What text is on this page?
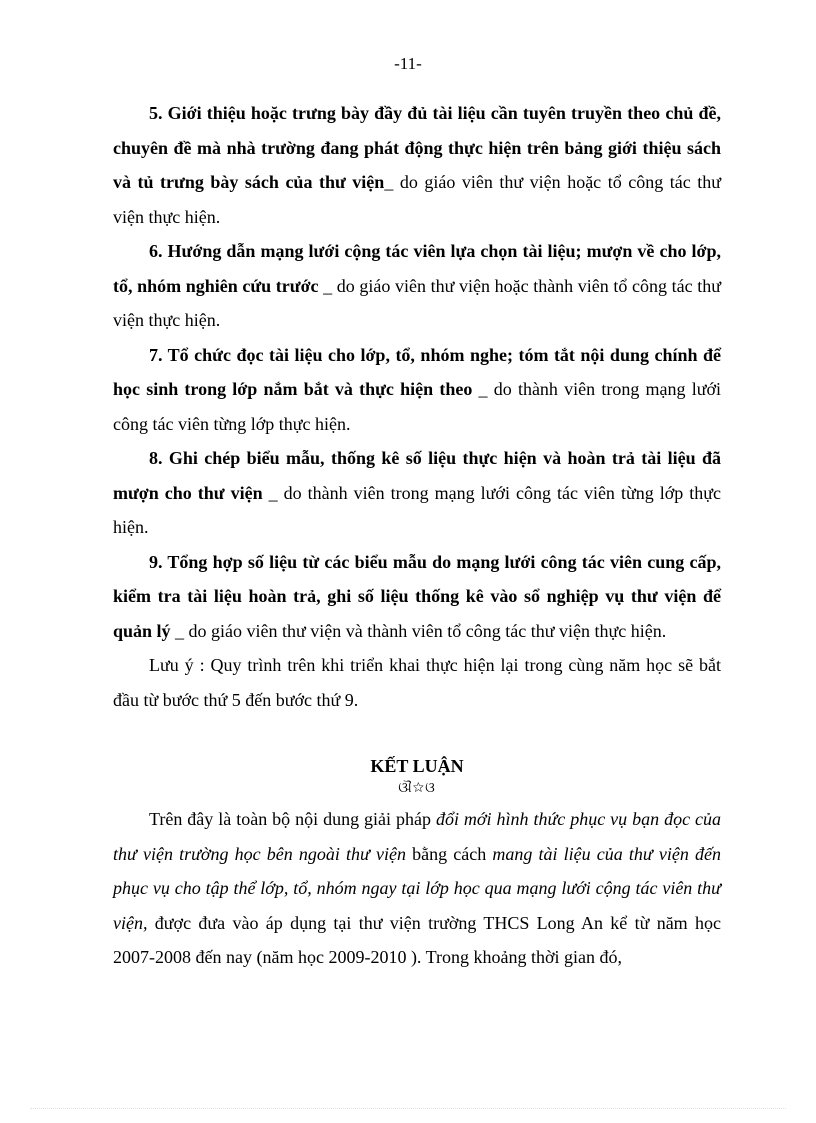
-11-

5. Giới thiệu hoặc trưng bày đầy đủ tài liệu cần tuyên truyền theo chủ đề, chuyên đề mà nhà trường đang phát động thực hiện trên bảng giới thiệu sách và tủ trưng bày sách của thư viện_ do giáo viên thư viện hoặc tổ công tác thư viện thực hiện.

6. Hướng dẫn mạng lưới cộng tác viên lựa chọn tài liệu; mượn về cho lớp, tổ, nhóm nghiên cứu trước _ do giáo viên thư viện hoặc thành viên tổ công tác thư viện thực hiện.

7. Tổ chức đọc tài liệu cho lớp, tổ, nhóm nghe; tóm tắt nội dung chính để học sinh trong lớp nắm bắt và thực hiện theo _ do thành viên trong mạng lưới công tác viên từng lớp thực hiện.

8. Ghi chép biểu mẫu, thống kê số liệu thực hiện và hoàn trả tài liệu đã mượn cho thư viện _ do thành viên trong mạng lưới công tác viên từng lớp thực hiện.

9. Tổng hợp số liệu từ các biểu mẫu do mạng lưới công tác viên cung cấp, kiểm tra tài liệu hoàn trả, ghi số liệu thống kê vào sổ nghiệp vụ thư viện để quản lý _ do giáo viên thư viện và thành viên tổ công tác thư viện thực hiện.

Lưu ý : Quy trình trên khi triển khai thực hiện lại trong cùng năm học sẽ bắt đầu từ bước thứ 5 đến bước thứ 9.

KẾT LUẬN
ଔ☆ଓ

Trên đây là toàn bộ nội dung giải pháp đổi mới hình thức phục vụ bạn đọc của thư viện trường học bên ngoài thư viện bằng cách mang tài liệu của thư viện đến phục vụ cho tập thể lớp, tổ, nhóm ngay tại lớp học qua mạng lưới cộng tác viên thư viện, được đưa vào áp dụng tại thư viện trường THCS Long An kể từ năm học 2007-2008 đến nay (năm học 2009-2010 ). Trong khoảng thời gian đó,
